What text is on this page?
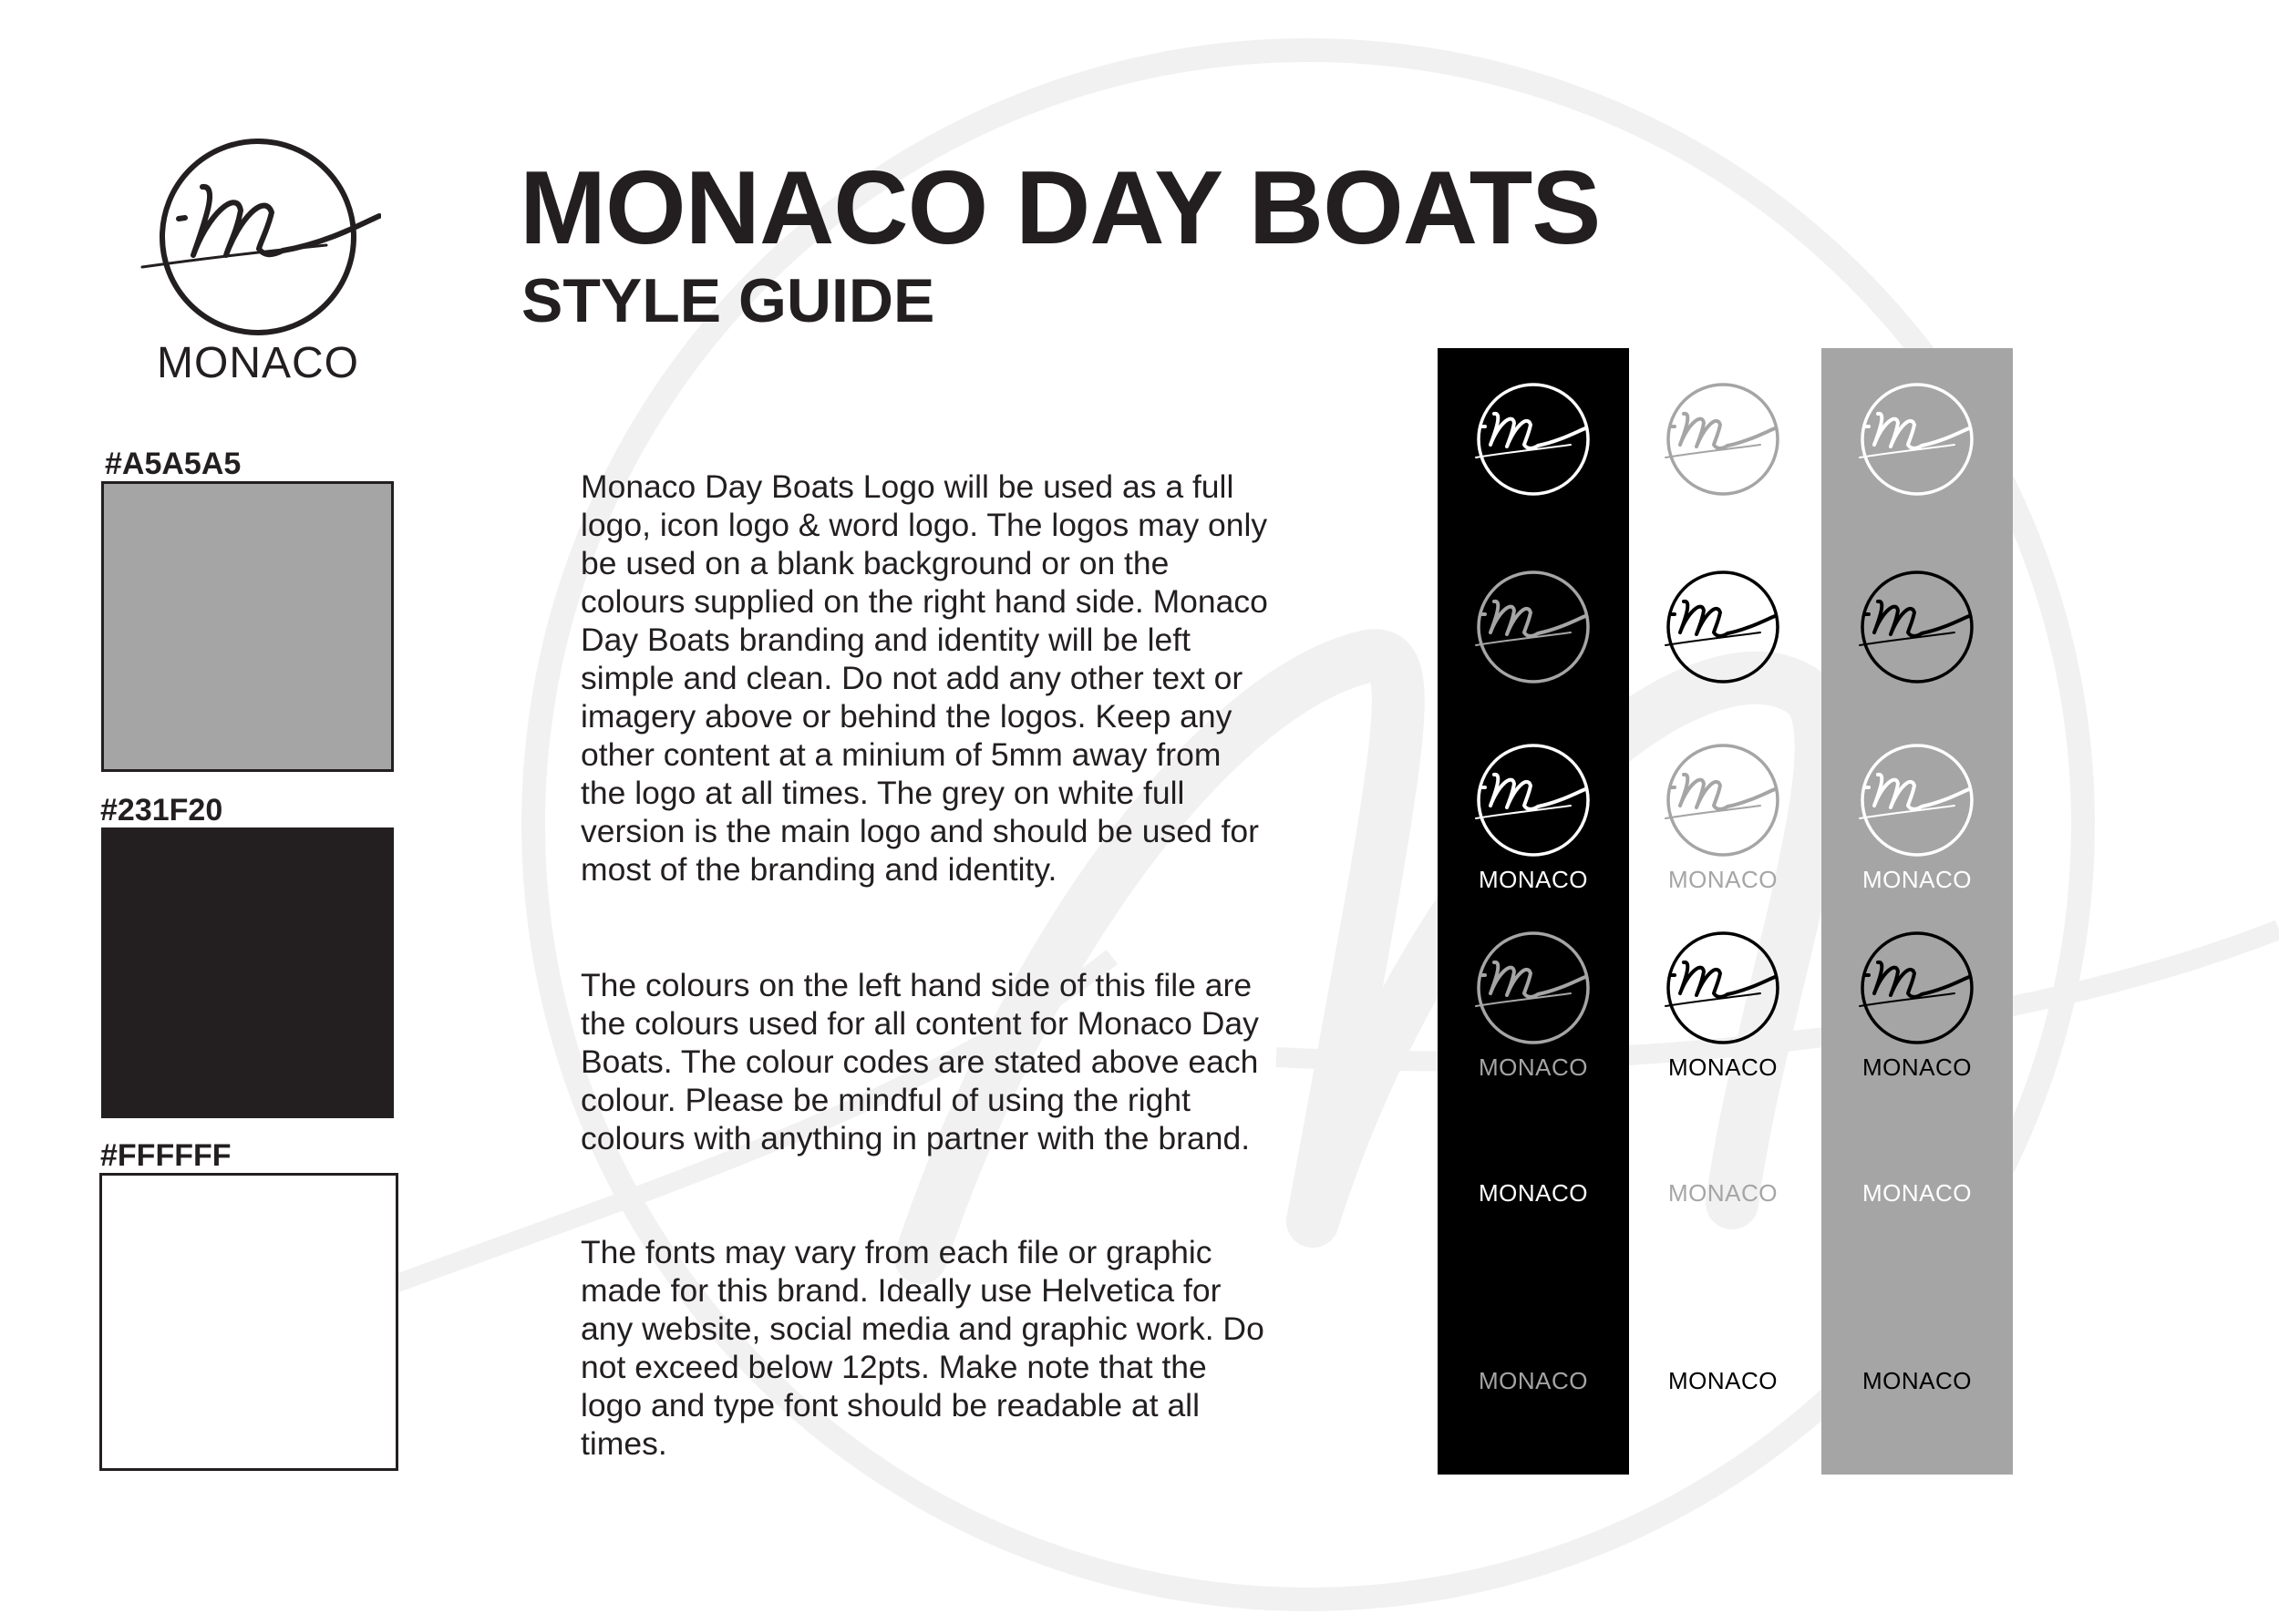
MONACO
MONACO DAY BOATS
STYLE GUIDE
#A5A5A5
#231F20
#FFFFFF

Monaco Day Boats Logo will be used as a full logo, icon logo & word logo. The logos may only be used on a blank background or on the colours supplied on the right hand side. Monaco Day Boats branding and identity will be left simple and clean. Do not add any other text or imagery above or behind the logos. Keep any other content at a minium of 5mm away from the logo at all times. The grey on white full version is the main logo and should be used for most of the branding and identity.

The colours on the left hand side of this file are the colours used for all content for Monaco Day Boats. The colour codes are stated above each colour. Please be mindful of using the right colours with anything in partner with the brand.

The fonts may vary from each file or graphic made for this brand. Ideally use Helvetica for any website, social media and graphic work. Do not exceed below 12pts. Make note that the logo and type font should be readable at all times.

MONACO
MONACO
MONACO
MONACO
MONACO
MONACO
MONACO
MONACO
MONACO
MONACO
MONACO
MONACO
